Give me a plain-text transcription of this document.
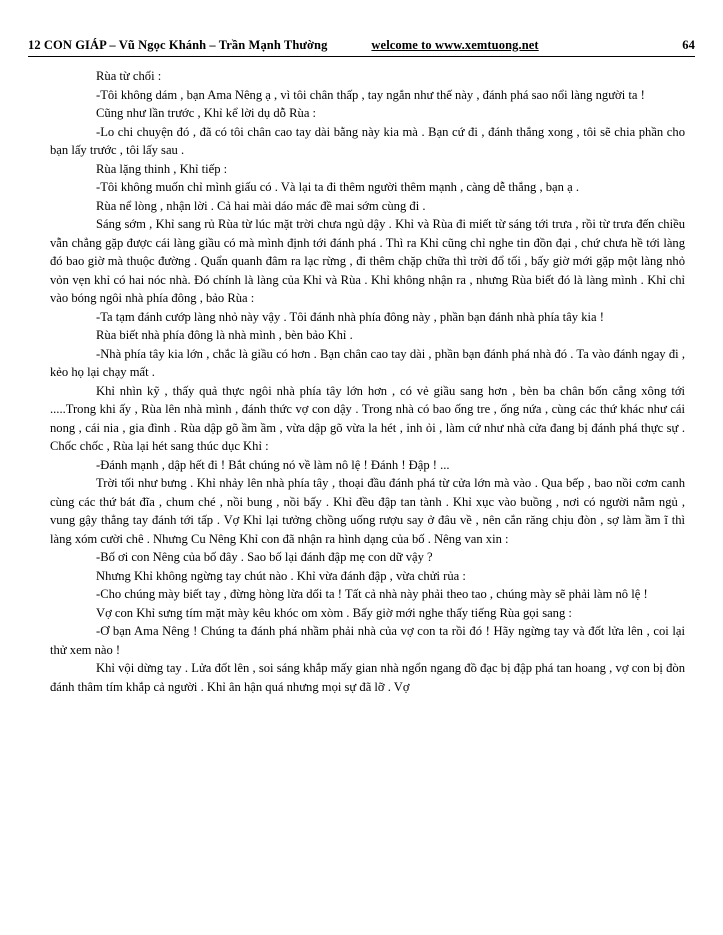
12 CON GIÁP – Vũ Ngọc Khánh – Trần Mạnh Thường	welcome to www.xemtuong.net	64

Rùa từ chối :

-Tôi không dám , bạn Ama Nêng ạ , vì tôi chân thấp , tay ngắn như thế này , đánh phá sao nổi làng người ta !

Cũng như lần trước , Khỉ kể lời dụ dỗ Rùa :

-Lo chi chuyện đó , đã có tôi chân cao tay dài bằng này kia mà . Bạn cứ đi , đánh thắng xong , tôi sẽ chia phần cho bạn lấy trước , tôi lấy sau .

Rùa lặng thinh , Khỉ tiếp :

-Tôi không muốn chỉ mình giấu có . Và lại ta đi thêm người thêm mạnh , càng dễ thắng , bạn ạ .

Rùa nể lòng , nhận lời . Cả hai mài dáo mác đề mai sớm cùng đi .

Sáng sớm , Khỉ sang rủ Rùa từ lúc mặt trời chưa ngủ dậy . Khỉ và Rùa đi miết từ sáng tới trưa , rồi từ trưa đến chiều vẫn chẳng gặp được cái làng giầu có mà mình định tới đánh phá . Thì ra Khỉ cũng chỉ nghe tin đồn đại , chứ chưa hề tới làng đó bao giờ mà thuộc đường . Quẩn quanh đâm ra lạc rừng , đi thêm chặp chữa thì trời đổ tối , bấy giờ mới gặp một làng nhỏ vỏn vẹn khỉ có hai nóc nhà. Đó chính là làng của Khỉ và Rùa . Khỉ không nhận ra , nhưng Rùa biết đó là làng mình . Khỉ chỉ vào bóng ngôi nhà phía đông , bảo Rùa :

-Ta tạm đánh cướp làng nhỏ này vậy . Tôi đánh nhà phía đông này , phần bạn đánh nhà phía tây kia !

Rùa biết nhà phía đông là nhà mình , bèn bảo Khỉ .

-Nhà phía tây kia lớn , chắc là giầu có hơn . Bạn chân cao tay dài , phần bạn đánh phá nhà đó . Ta vào đánh ngay đi , kẻo họ lại chạy mất .

Khỉ nhìn kỹ , thấy quả thực ngôi nhà phía tây lớn hơn , có vẻ giầu sang hơn , bèn ba chân bốn cẳng xông tới .....Trong khi ấy , Rùa lên nhà mình , đánh thức vợ con dậy . Trong nhà có bao ống tre , ống nứa , cùng các thứ khác như cái nong , cái nia , gia đình . Rùa dập gõ ầm ầm , vừa dập gõ vừa la hét , inh ỏi , làm cứ như nhà cửa đang bị đánh phá thực sự . Chốc chốc , Rùa lại hét sang thúc dục Khỉ :

-Đánh mạnh , dập hết đi ! Bắt chúng nó về làm nô lệ ! Đánh ! Đập ! ...

Trời tối như bưng . Khỉ nhảy lên nhà phía tây , thoại đầu đánh phá từ cửa lớn mà vào . Qua bếp , bao nồi cơm canh cùng các thứ bát đĩa , chum ché , nồi bung , nồi bấy . Khỉ đều đập tan tành . Khỉ xục vào buồng , nơi có người nằm ngủ , vung gậy thẳng tay đánh tới tấp . Vợ Khỉ lại tưởng chồng uống rượu say ở đâu về , nên cắn răng chịu đòn , sợ làm ầm ĩ thì làng xóm cười chê . Nhưng Cu Nêng Khỉ con đã nhận ra hình dạng của bố . Nêng van xin :

-Bố ơi con Nêng của bố đây . Sao bố lại đánh đập mẹ con dữ vậy ?

Nhưng Khỉ không ngừng tay chút nào . Khỉ vừa đánh đập , vừa chửi rủa :

-Cho chúng mày biết tay , đừng hòng lừa dối ta ! Tất cả nhà này phải theo tao , chúng mày sẽ phải làm nô lệ !

Vợ con Khỉ sưng tím mặt mày kêu khóc om xòm . Bấy giờ mới nghe thấy tiếng Rùa gọi sang :

-Ơ bạn Ama Nêng ! Chúng ta đánh phá nhầm phải nhà của vợ con ta rồi đó ! Hãy ngừng tay và đốt lửa lên , coi lại thử xem nào !

Khỉ vội dừng tay . Lửa đốt lên , soi sáng khắp mấy gian nhà ngổn ngang đồ đạc bị đập phá tan hoang , vợ con bị đòn đánh thâm tím khắp cả người . Khỉ ân hận quá nhưng mọi sự đã lỡ . Vợ
